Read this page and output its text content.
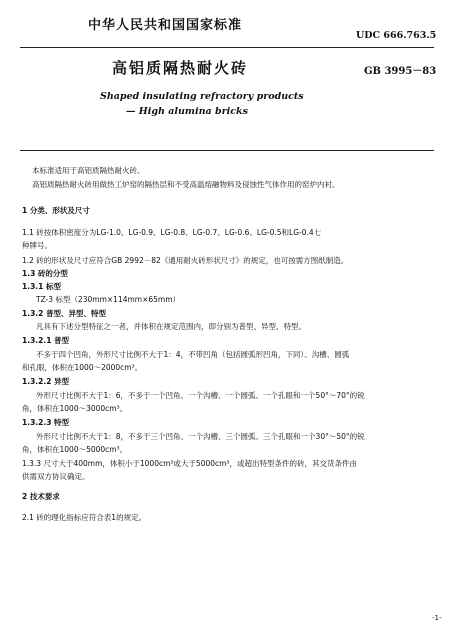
中华人民共和国国家标准
UDC 666.763.5
高铝质隔热耐火砖	GB 3995－83
Shaped insulating refractory products
— High alumina bricks
本标准适用于高铝质隔热耐火砖。
高铝质隔热耐火砖用做热工炉窑的隔热层和不受高温熔融物料及侵蚀性气体作用的窑炉内衬。
1 分类、形状及尺寸
1.1 砖按体积密度分为LG-1.0、LG-0.9、LG-0.8、LG-0.7、LG-0.6、LG-0.5和LG-0.4七
种牌号。
1.2 砖的形状及尺寸应符合GB 2992－82《通用耐火砖形状尺寸》的规定，也可按需方图纸制造。
1.3 砖的分型
1.3.1 标型
TZ-3 标型（230mm×114mm×65mm）
1.3.2 普型、异型、特型
凡具有下述分型特征之一者，并体积在规定范围内，即分别为普型、异型、特型。
1.3.2.1 普型
不多于四个凹角，外形尺寸比例不大于1：4，不带凹角（包括圆弧形凹角，下同）、沟槽、圆弧
和孔眼，体积在1000～2000cm³。
1.3.2.2 异型
外形尺寸比例不大于1：6，不多于一个凹角、一个沟槽、一个圆弧、一个孔眼和一个50°～70°的锐
角，体积在1000～3000cm³。
1.3.2.3 特型
外形尺寸比例不大于1：8，不多于三个凹角、一个沟槽、三个圆弧、三个孔眼和一个30°～50°的锐
角，体积在1000～5000cm³。
1.3.3 尺寸大于400mm，体积小于1000cm³或大于5000cm³，或超出特型条件的砖，其交货条件由
供需双方协议确定。
2 技术要求
2.1 砖的理化指标应符合表1的规定。
-1-
